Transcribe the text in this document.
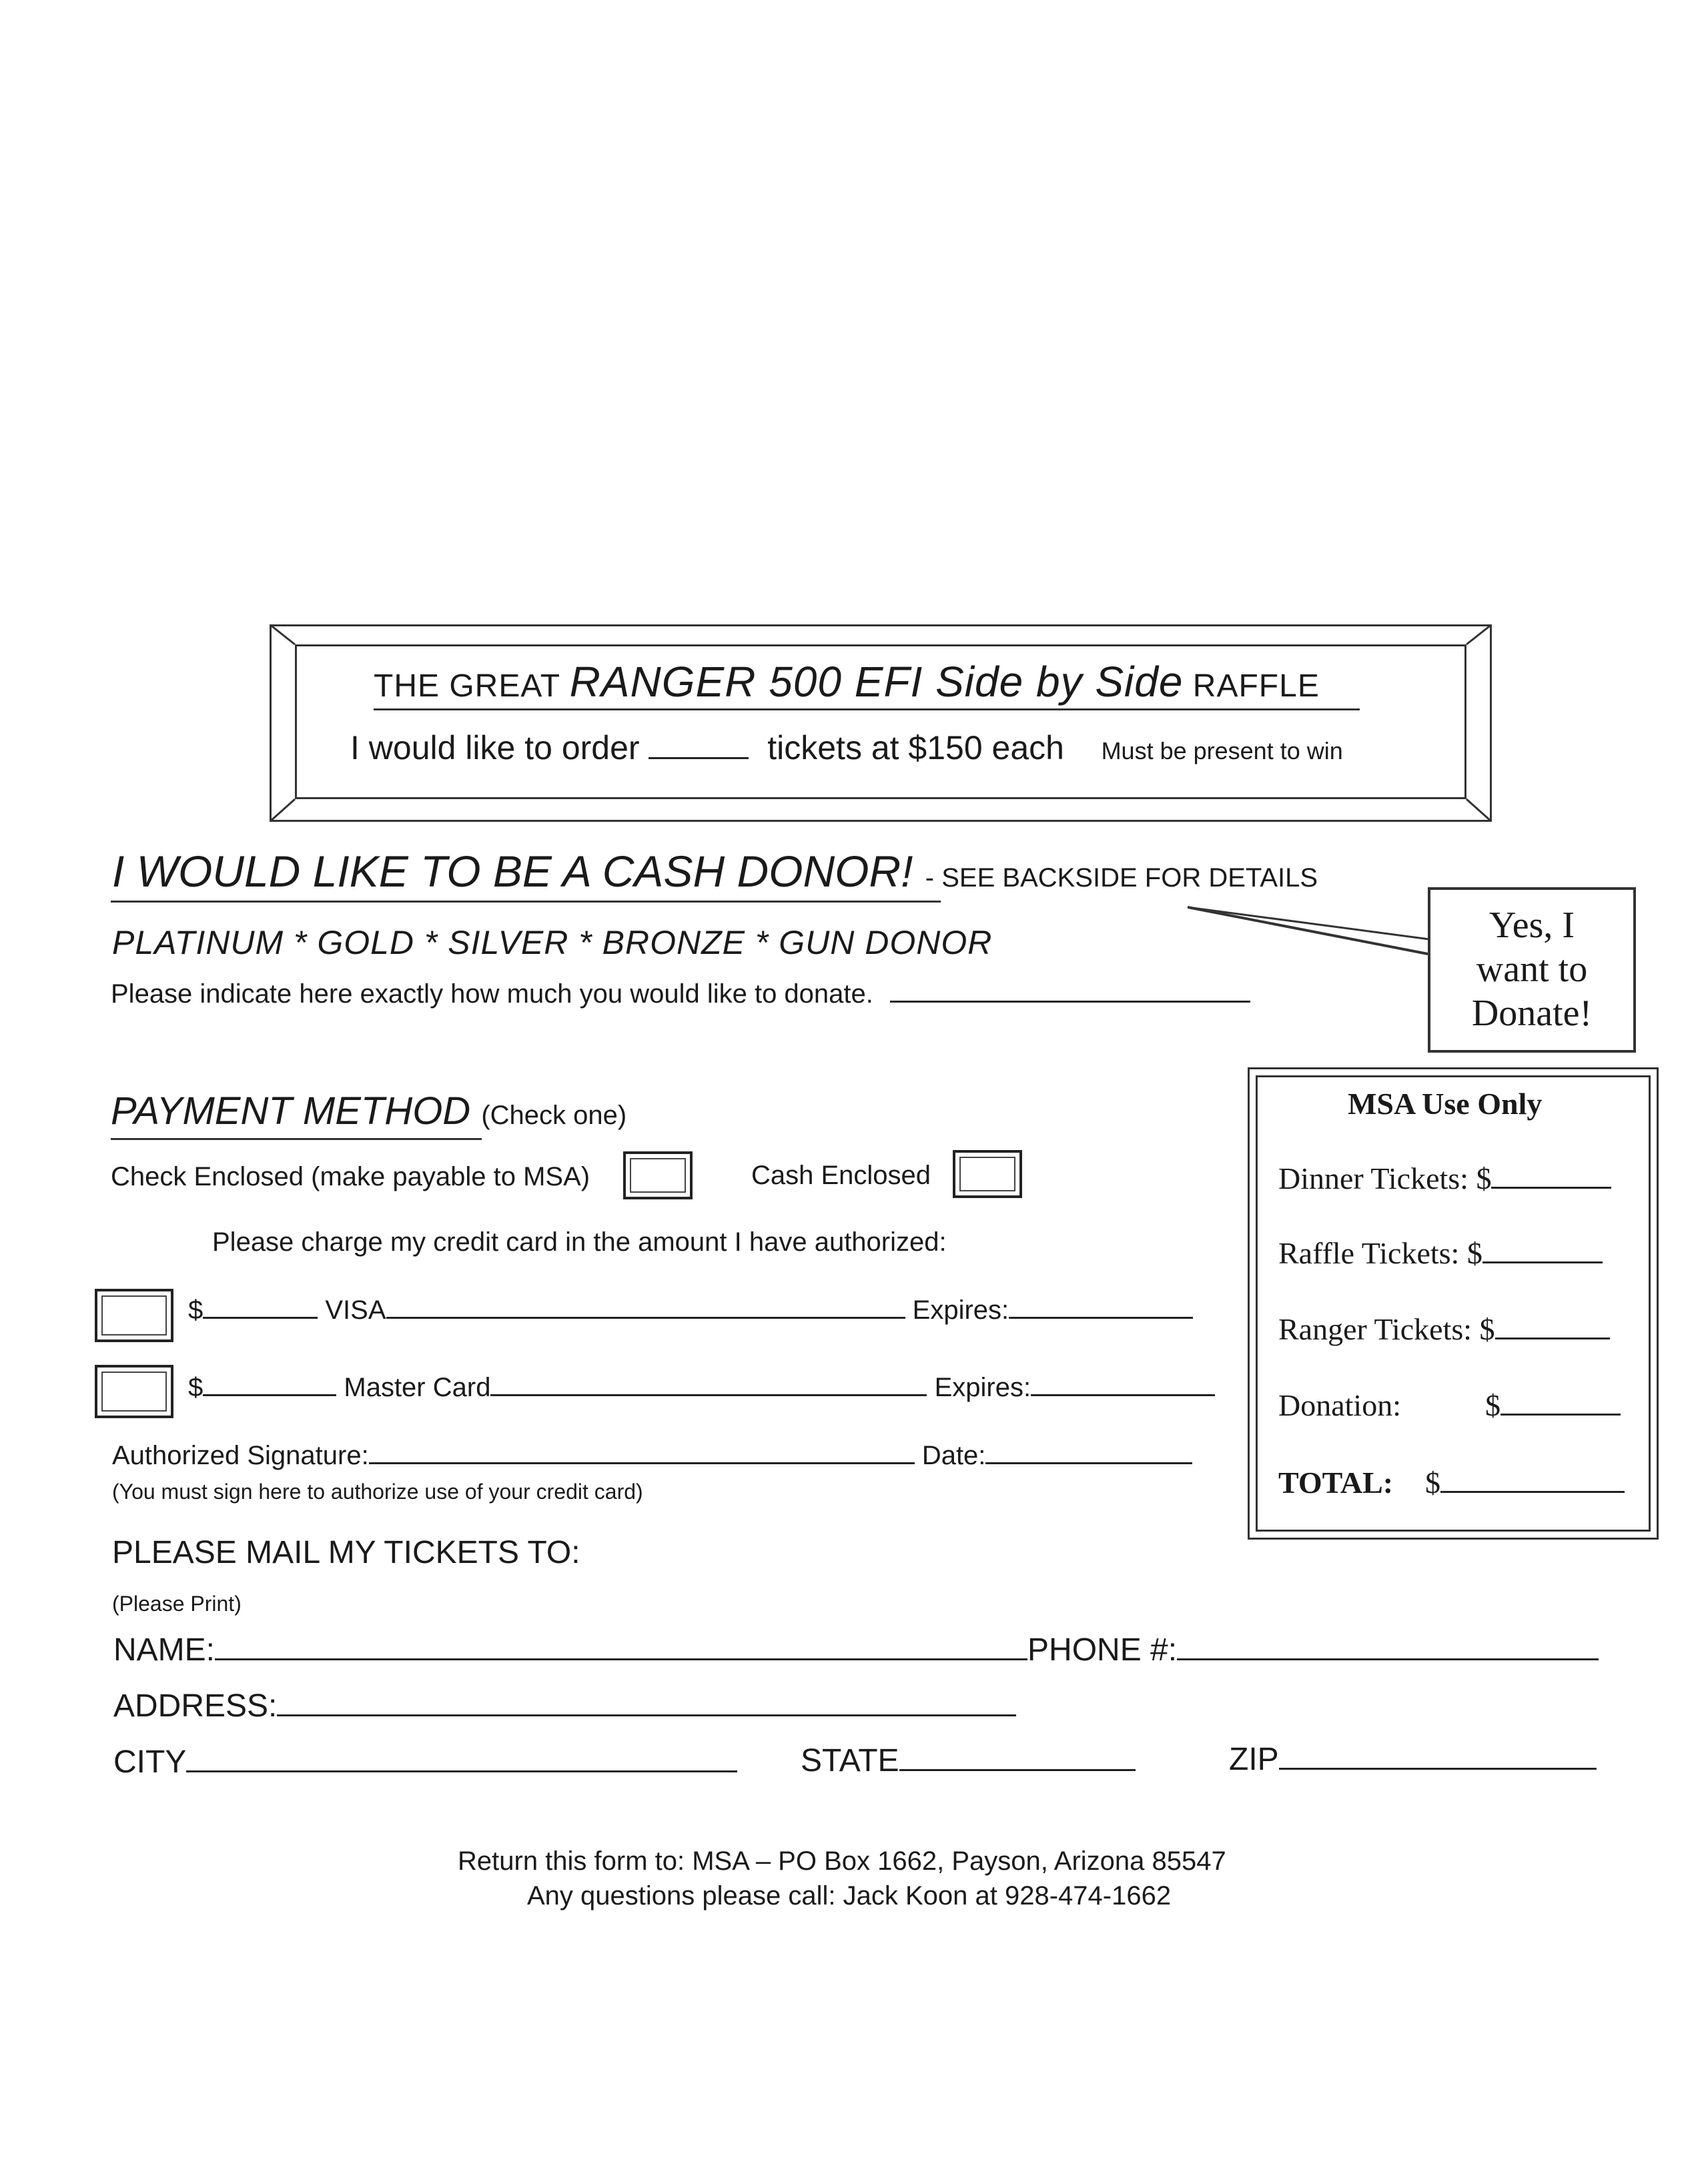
THE GREAT RANGER 500 EFI Side by Side RAFFLE
I would like to order	tickets at $150 each Must be present to win
I WOULD LIKE TO BE A CASH DONOR! - SEE BACKSIDE FOR DETAILS
PLATINUM * GOLD * SILVER * BRONZE * GUN DONOR
Please indicate here exactly how much you would like to donate.
Yes, I
want to
Donate!
MSA Use Only
Dinner Tickets: $
Raffle Tickets: $
Ranger Tickets: $
Donation:	$
TOTAL: $
PAYMENT METHOD (Check one)
Check Enclosed (make payable to MSA)	Cash Enclosed
Please charge my credit card in the amount I have authorized:
$	VISA	Expires:
$	Master Card	Expires:
Authorized Signature:	Date:
(You must sign here to authorize use of your credit card)
PLEASE MAIL MY TICKETS TO:
(Please Print)
NAME:	PHONE #:
ADDRESS:
CITY	STATE	ZIP
Return this form to: MSA – PO Box 1662, Payson, Arizona 85547
Any questions please call: Jack Koon at 928-474-1662
